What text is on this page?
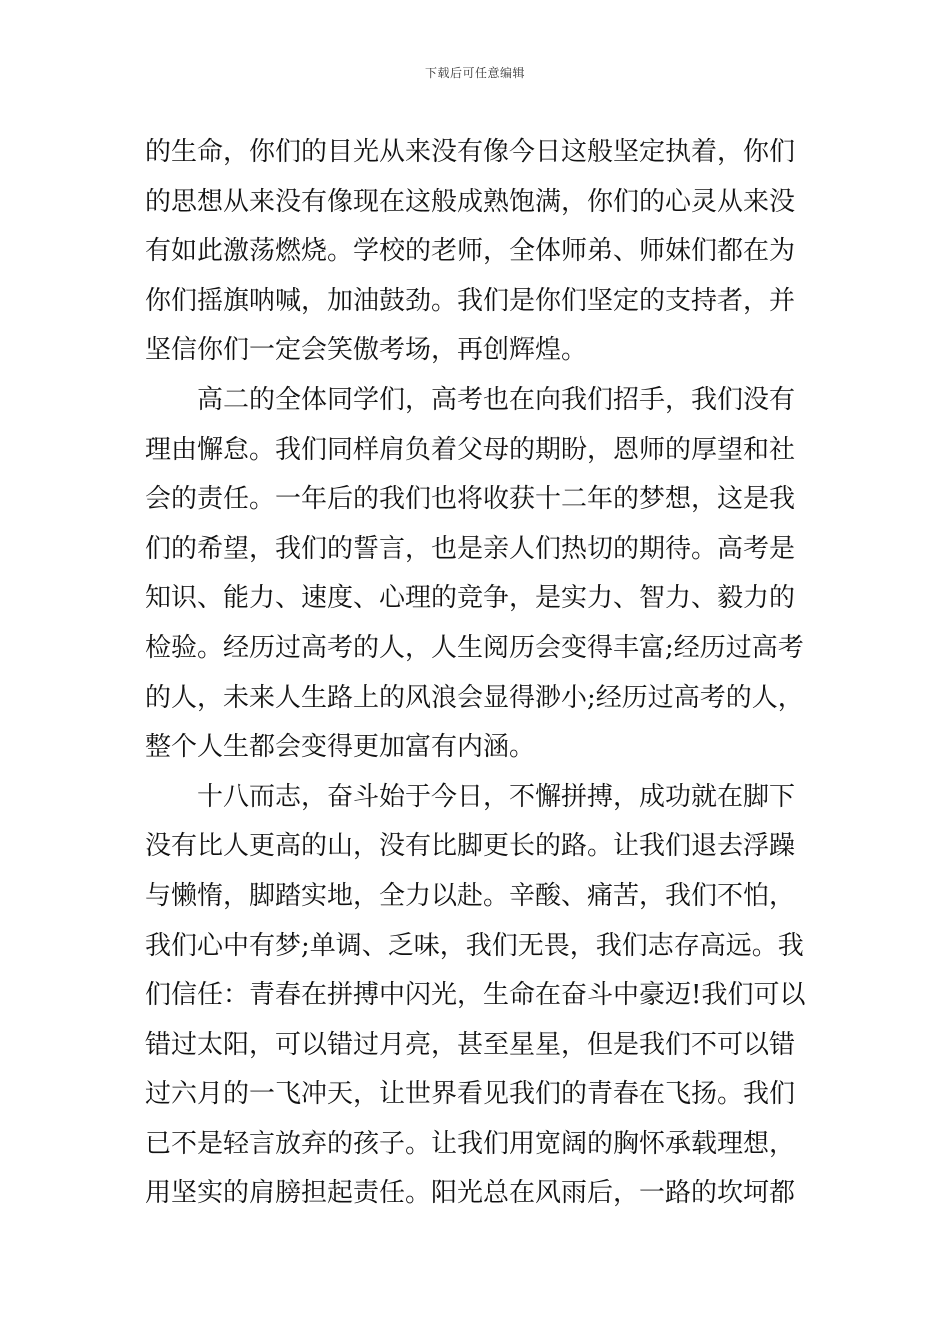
下载后可任意编辑
的生命，你们的目光从来没有像今日这般坚定执着，你们
的思想从来没有像现在这般成熟饱满，你们的心灵从来没
有如此激荡燃烧。学校的老师，全体师弟、师妹们都在为
你们摇旗呐喊，加油鼓劲。我们是你们坚定的支持者，并
坚信你们一定会笑傲考场，再创辉煌。
高二的全体同学们，高考也在向我们招手，我们没有
理由懈怠。我们同样肩负着父母的期盼，恩师的厚望和社
会的责任。一年后的我们也将收获十二年的梦想，这是我
们的希望，我们的誓言，也是亲人们热切的期待。高考是
知识、能力、速度、心理的竞争，是实力、智力、毅力的
检验。经历过高考的人，人生阅历会变得丰富;经历过高考
的人，未来人生路上的风浪会显得渺小;经历过高考的人，
整个人生都会变得更加富有内涵。
十八而志，奋斗始于今日，不懈拼搏，成功就在脚下
没有比人更高的山，没有比脚更长的路。让我们退去浮躁
与懒惰，脚踏实地，全力以赴。辛酸、痛苦，我们不怕，
我们心中有梦;单调、乏味，我们无畏，我们志存高远。我
们信任：青春在拼搏中闪光，生命在奋斗中豪迈!我们可以
错过太阳，可以错过月亮，甚至星星，但是我们不可以错
过六月的一飞冲天，让世界看见我们的青春在飞扬。我们
已不是轻言放弃的孩子。让我们用宽阔的胸怀承载理想，
用坚实的肩膀担起责任。阳光总在风雨后，一路的坎坷都
